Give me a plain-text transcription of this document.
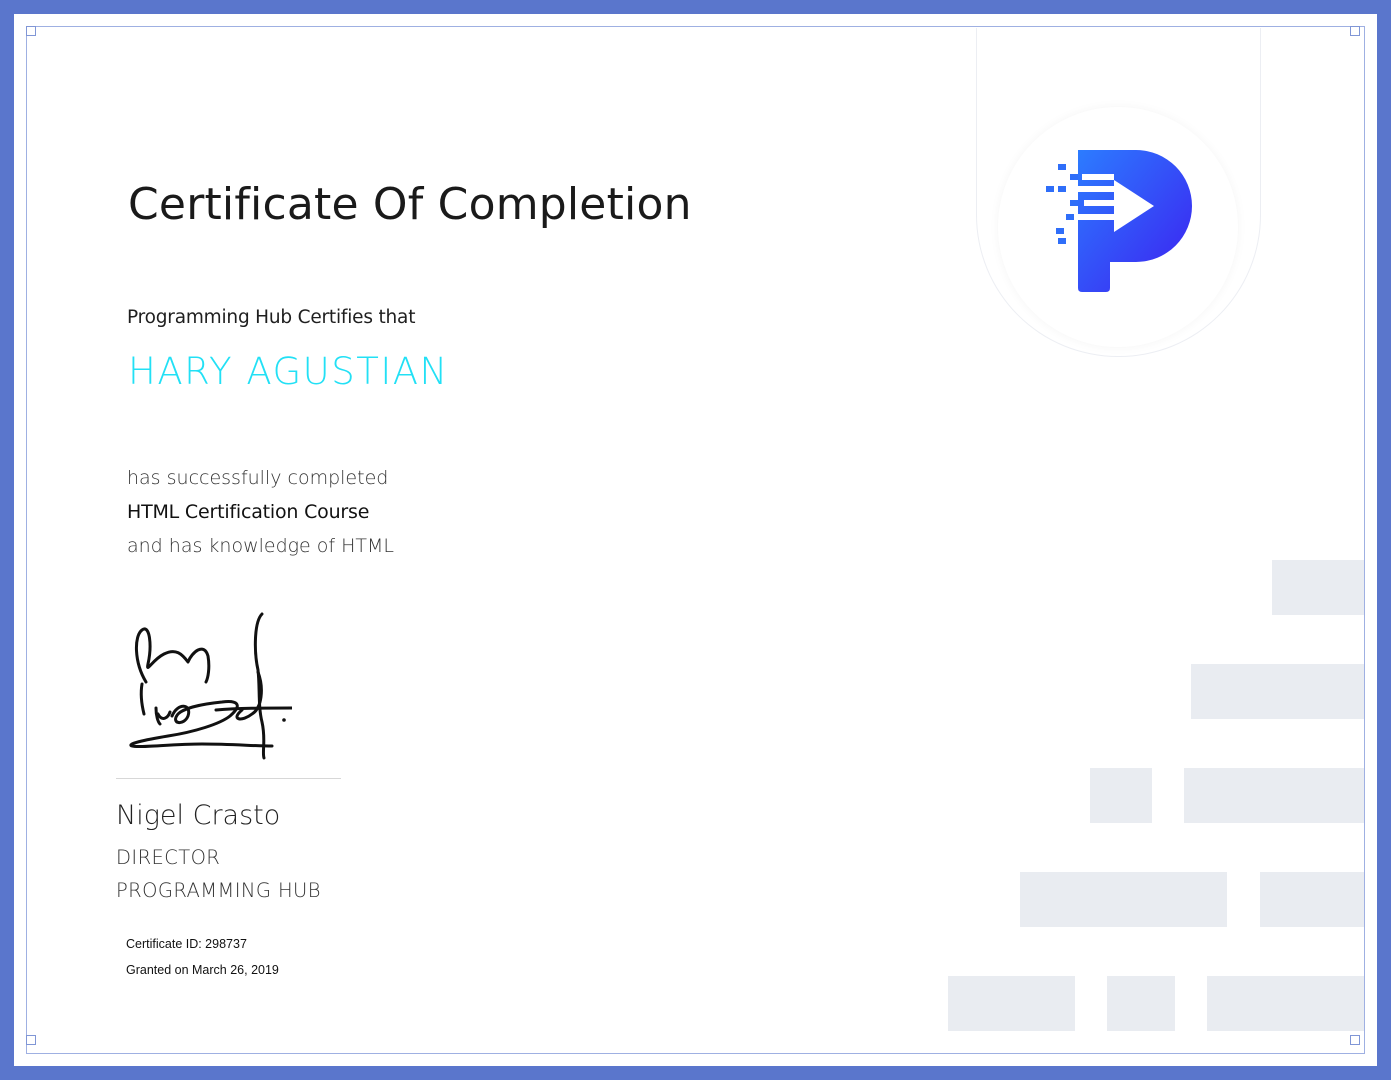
Certificate Of Completion
Programming Hub Certifies that
HARY AGUSTIAN
has successfully completed
HTML Certification Course
and has knowledge of HTML
Nigel Crasto
DIRECTOR
PROGRAMMING HUB
Certificate ID: 298737
Granted on March 26, 2019
